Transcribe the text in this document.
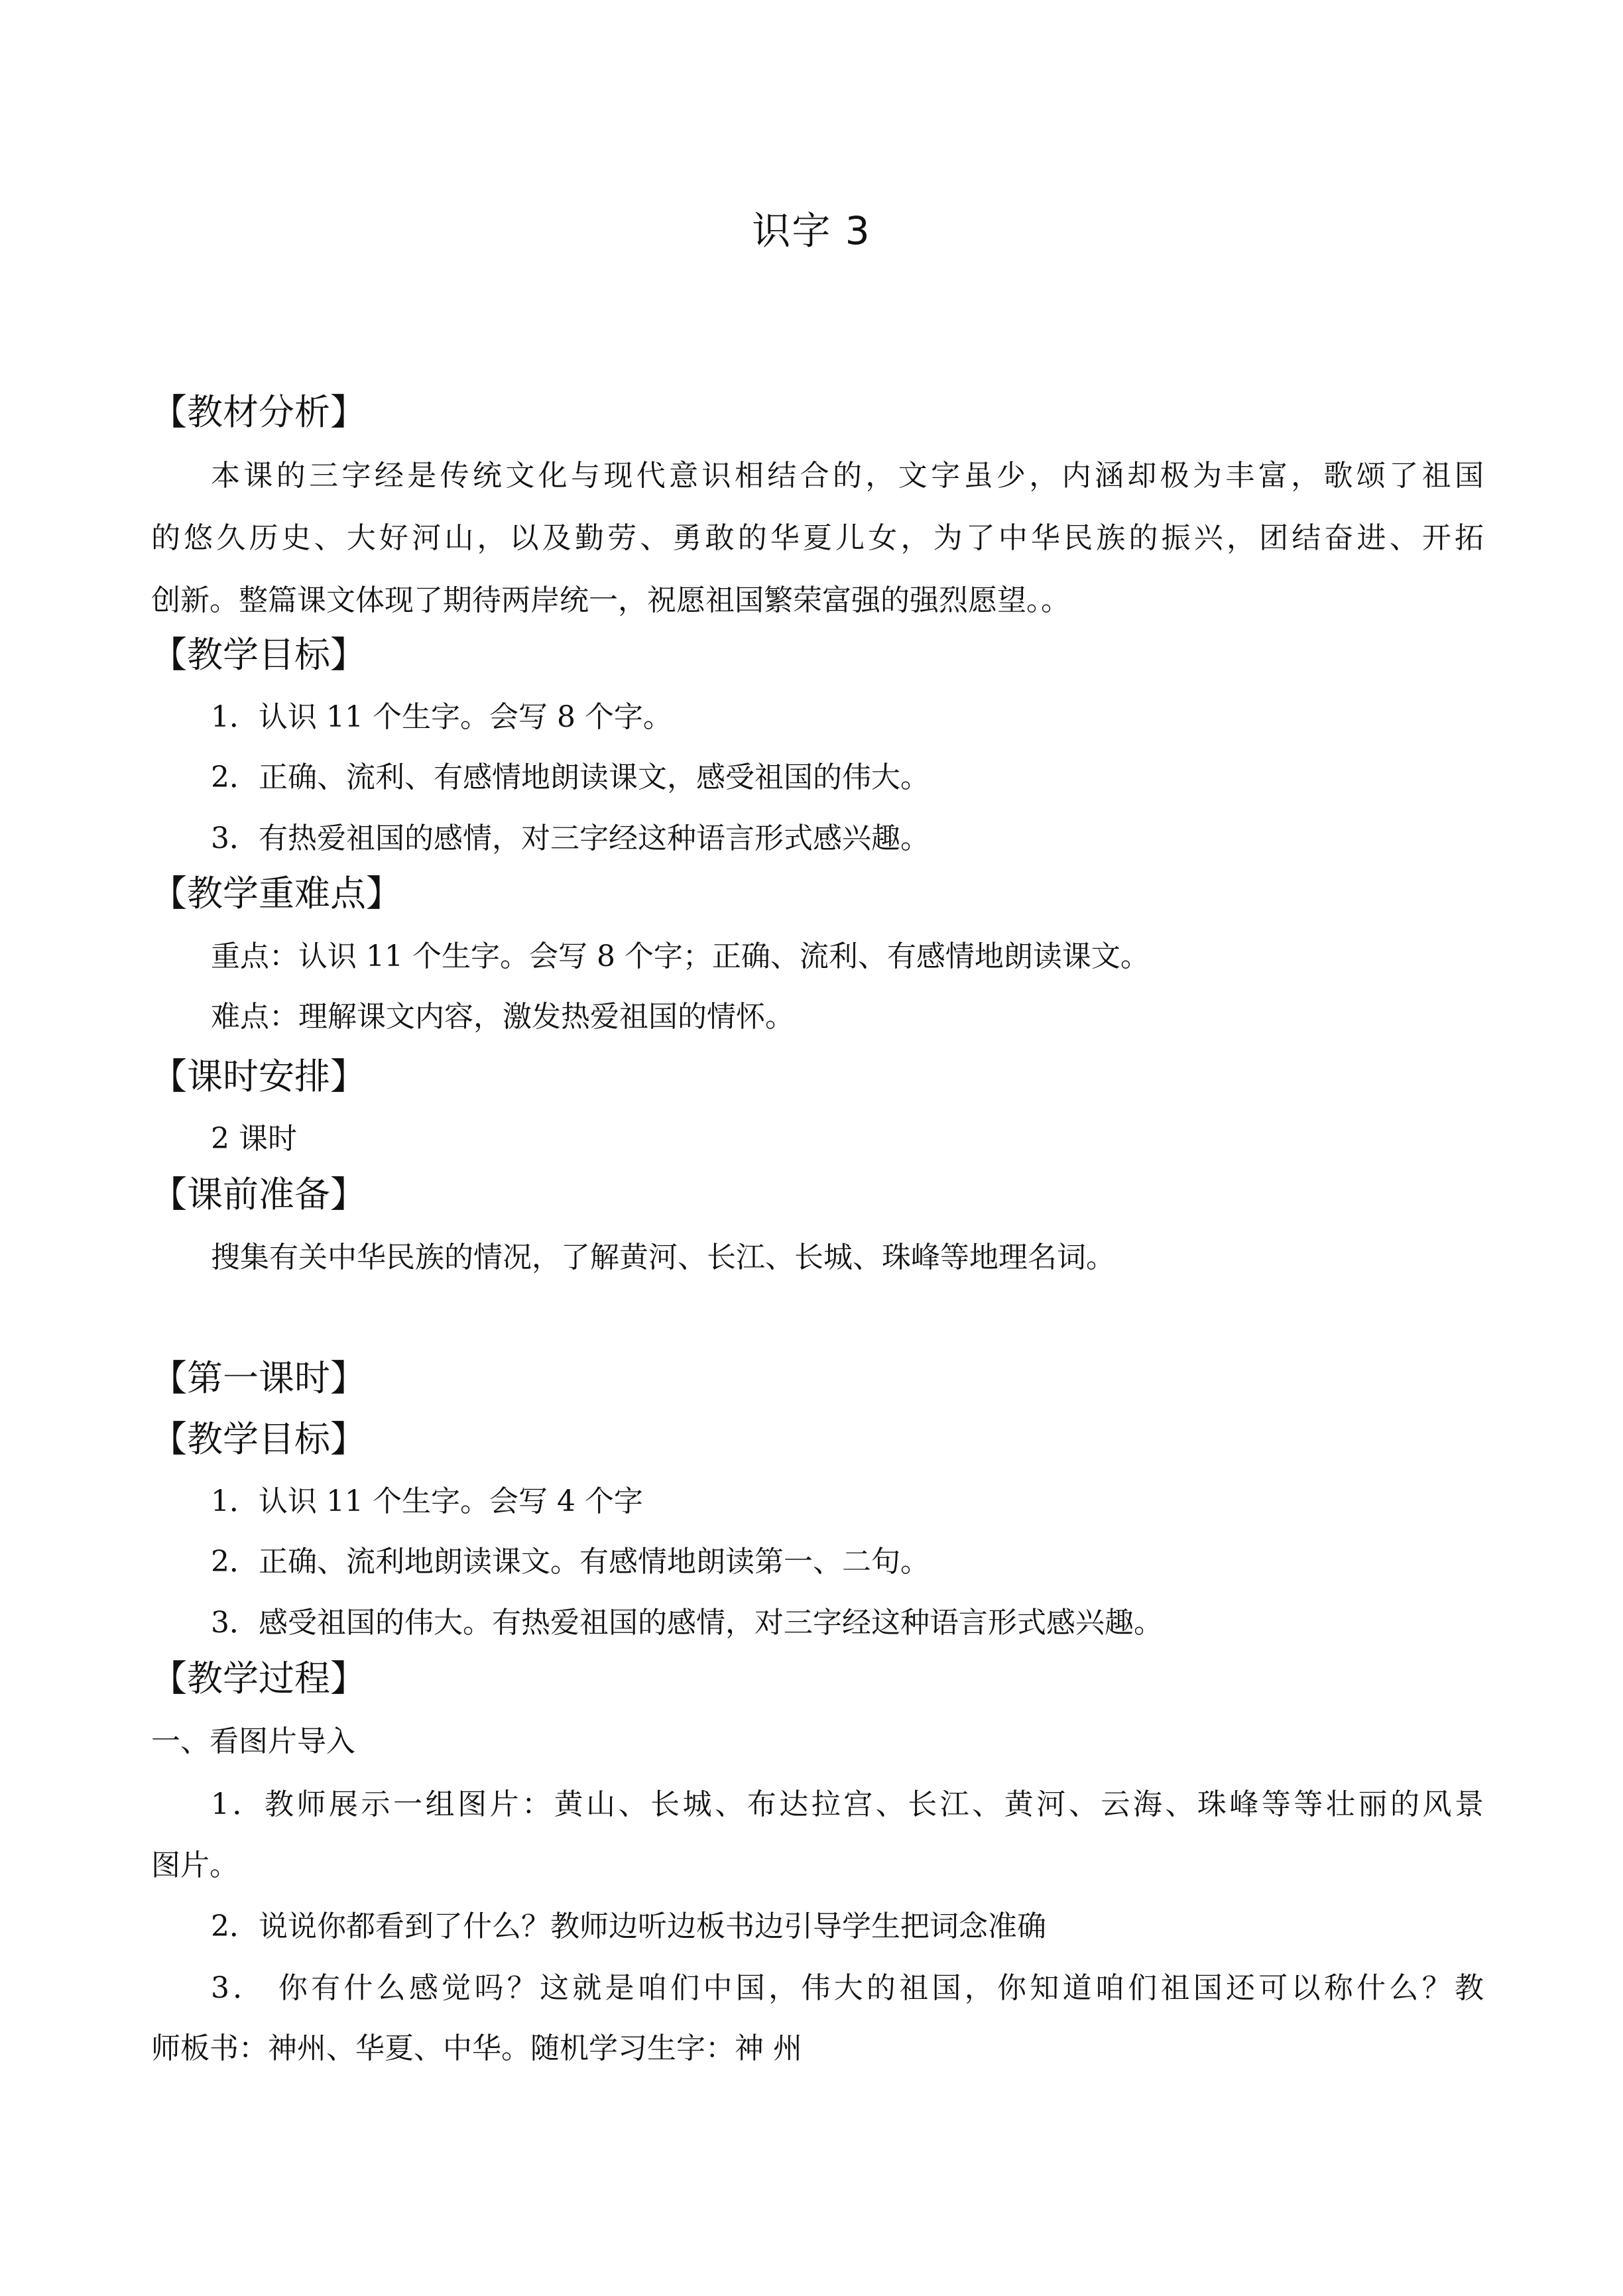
识字 3
【教材分析】
本课的三字经是传统文化与现代意识相结合的，文字虽少，内涵却极为丰富，歌颂了祖国
的悠久历史、大好河山，以及勤劳、勇敢的华夏儿女，为了中华民族的振兴，团结奋进、开拓
创新。整篇课文体现了期待两岸统一，祝愿祖国繁荣富强的强烈愿望。。
【教学目标】
1．认识 11 个生字。会写 8 个字。
2．正确、流利、有感情地朗读课文，感受祖国的伟大。
3．有热爱祖国的感情，对三字经这种语言形式感兴趣。
【教学重难点】
重点：认识 11 个生字。会写 8 个字；正确、流利、有感情地朗读课文。
难点：理解课文内容，激发热爱祖国的情怀。
【课时安排】
2 课时
【课前准备】
搜集有关中华民族的情况，了解黄河、长江、长城、珠峰等地理名词。
【第一课时】
【教学目标】
1．认识 11 个生字。会写 4 个字
2．正确、流利地朗读课文。有感情地朗读第一、二句。
3．感受祖国的伟大。有热爱祖国的感情，对三字经这种语言形式感兴趣。
【教学过程】
一、看图片导入
1．教师展示一组图片：黄山、长城、布达拉宫、长江、黄河、云海、珠峰等等壮丽的风景
图片。
2．说说你都看到了什么？教师边听边板书边引导学生把词念准确
3． 你有什么感觉吗？这就是咱们中国，伟大的祖国，你知道咱们祖国还可以称什么？教
师板书：神州、华夏、中华。随机学习生字：神 州
